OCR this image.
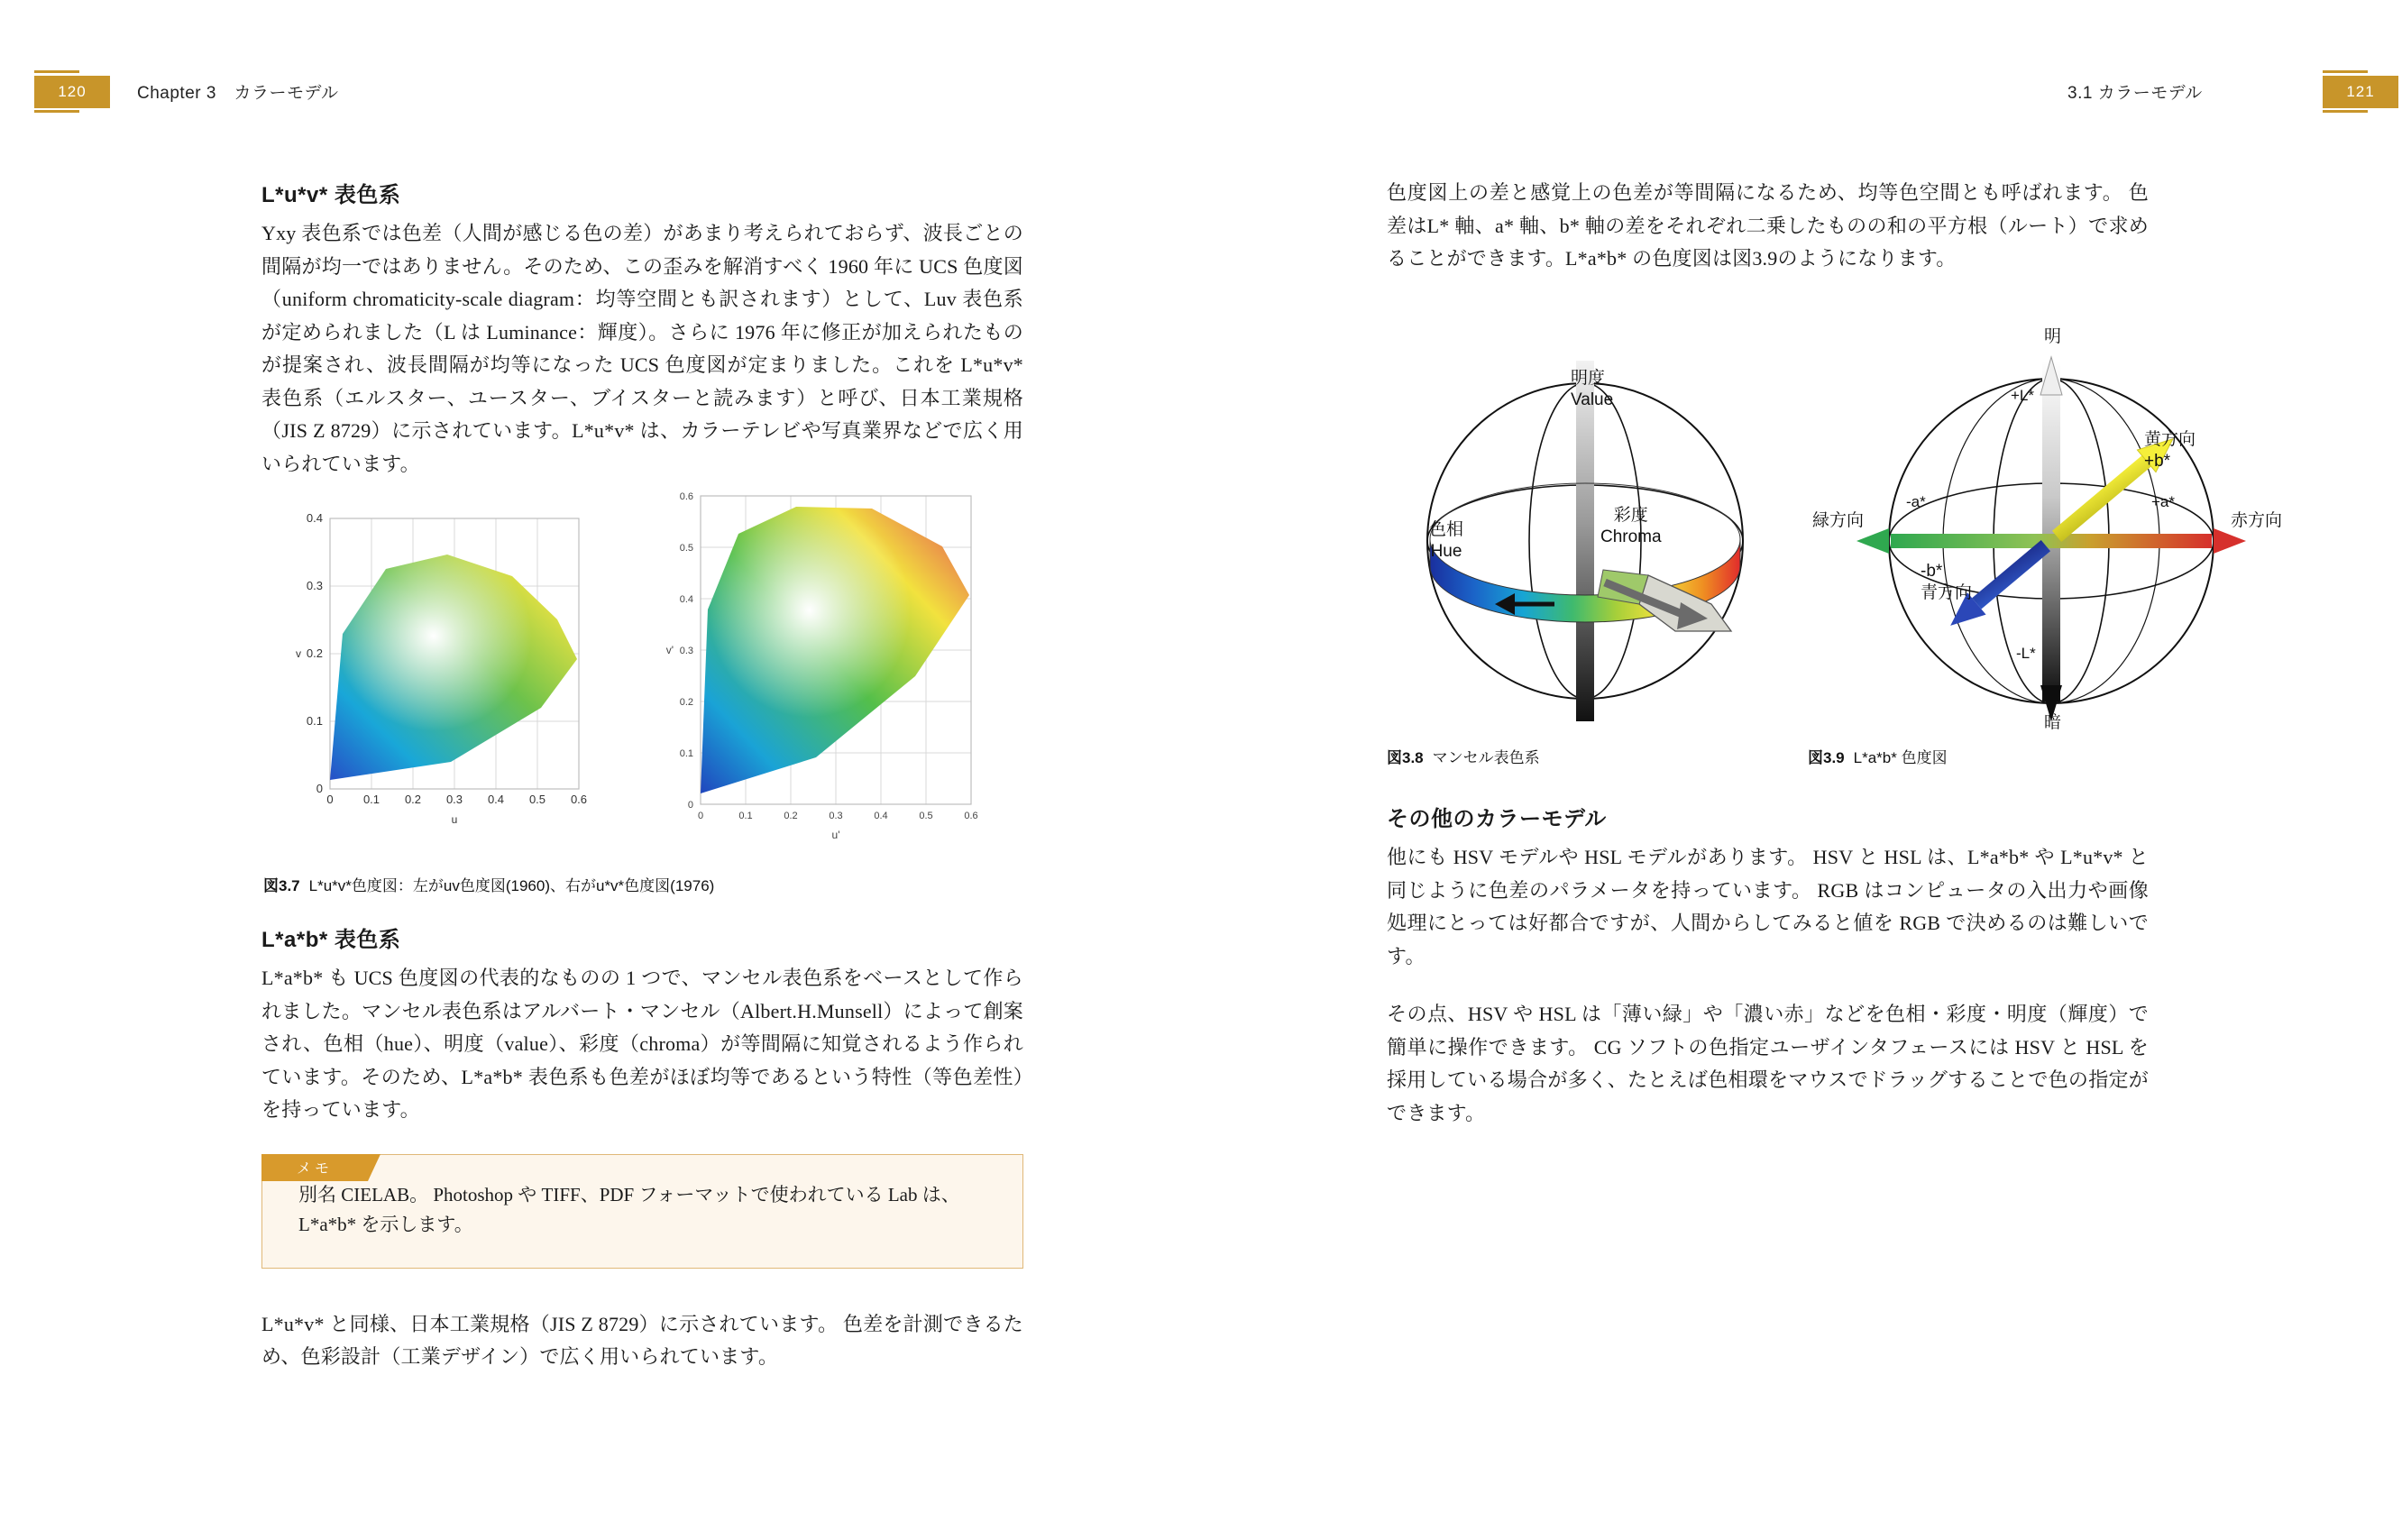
120	Chapter 3　カラーモデル	121
3.1 カラーモデル
L*u*v* 表色系

Yxy 表色系では色差（人間が感じる色の差）があまり考えられておらず、波長ごとの間隔が均一ではありません。そのため、この歪みを解消すべく 1960 年に UCS 色度図（uniform chromaticity-scale diagram：均等空間とも訳されます）として、Luv 表色系が定められました（L は Luminance：輝度）。さらに 1976 年に修正が加えられたものが提案され、波長間隔が均等になった UCS 色度図が定まりました。これを L*u*v* 表色系（エルスター、ユースター、ブイスターと読みます）と呼び、日本工業規格（JIS Z 8729）に示されています。L*u*v* は、カラーテレビや写真業界などで広く用いられています。

0	0.1 0.2 0.3 0.4 0.5 0.6
u
0
0.1
0.2
0.3
0.4
v
0	0.1	0.2	0.3	0.4	0.5	0.6
u'
0
0.1
0.2
0.3
0.4
0.5
0.6
v'
図3.7 L*u*v*色度図：左がuv色度図(1960)、右がu*v*色度図(1976)
L*a*b* 表色系

L*a*b* も UCS 色度図の代表的なものの 1 つで、マンセル表色系をベースとして作られました。マンセル表色系はアルバート・マンセル（Albert.H.Munsell）によって創案され、色相（hue）、明度（value）、彩度（chroma）が等間隔に知覚されるよう作られています。そのため、L*a*b* 表色系も色差がほぼ均等であるという特性（等色差性）を持っています。

メモ

別名 CIELAB。 Photoshop や TIFF、PDF フォーマットで使われている Lab は、L*a*b* を示します。

L*u*v* と同様、日本工業規格（JIS Z 8729）に示されています。 色差を計測できるため、色彩設計（工業デザイン）で広く用いられています。

色度図上の差と感覚上の色差が等間隔になるため、均等色空間とも呼ばれます。 色差はL* 軸、a* 軸、b* 軸の差をそれぞれ二乗したものの和の平方根（ルート）で求めることができます。L*a*b* の色度図は図3.9のようになります。

明度
Value
色相
Hue
彩度
Chroma
明
暗
+L*
-L*
-a*	+a*
緑方向	赤方向
黄方向
+b*
-b*
青方向
図3.8 マンセル表色系	図3.9 L*a*b* 色度図
その他のカラーモデル

他にも HSV モデルや HSL モデルがあります。 HSV と HSL は、L*a*b* や L*u*v* と同じように色差のパラメータを持っています。 RGB はコンピュータの入出力や画像処理にとっては好都合ですが、人間からしてみると値を RGB で決めるのは難しいです。

その点、HSV や HSL は「薄い緑」や「濃い赤」などを色相・彩度・明度（輝度）で簡単に操作できます。 CG ソフトの色指定ユーザインタフェースには HSV と HSL を採用している場合が多く、たとえば色相環をマウスでドラッグすることで色の指定ができます。
